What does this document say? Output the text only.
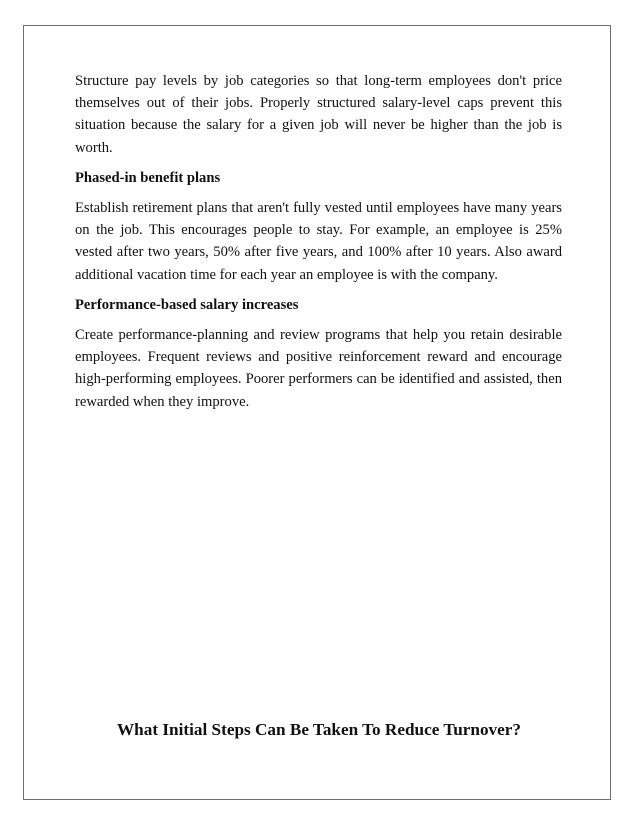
Structure pay levels by job categories so that long-term employees don't price themselves out of their jobs. Properly structured salary-level caps prevent this situation because the salary for a given job will never be higher than the job is worth.

Phased-in benefit plans

Establish retirement plans that aren't fully vested until employees have many years on the job. This encourages people to stay. For example, an employee is 25% vested after two years, 50% after five years, and 100% after 10 years. Also award additional vacation time for each year an employee is with the company.

Performance-based salary increases

Create performance-planning and review programs that help you retain desirable employees. Frequent reviews and positive reinforcement reward and encourage high-performing employees. Poorer performers can be identified and assisted, then rewarded when they improve.

What Initial Steps Can Be Taken To Reduce Turnover?
